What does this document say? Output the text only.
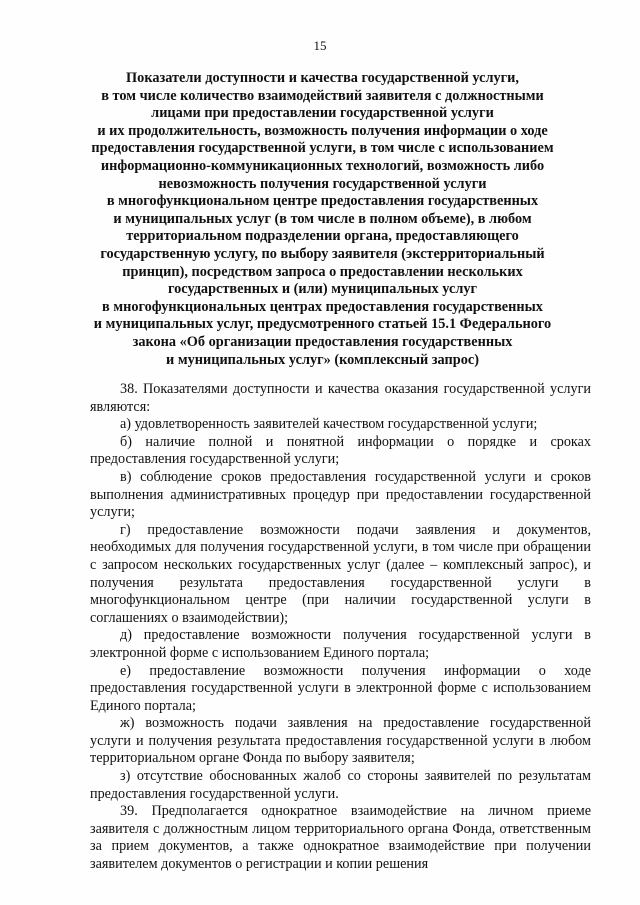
15
Показатели доступности и качества государственной услуги,
в том числе количество взаимодействий заявителя с должностными
лицами при предоставлении государственной услуги
и их продолжительность, возможность получения информации о ходе
предоставления государственной услуги, в том числе с использованием
информационно-коммуникационных технологий, возможность либо
невозможность получения государственной услуги
в многофункциональном центре предоставления государственных
и муниципальных услуг (в том числе в полном объеме), в любом
территориальном подразделении органа, предоставляющего
государственную услугу, по выбору заявителя (экстерриториальный
принцип), посредством запроса о предоставлении нескольких
государственных и (или) муниципальных услуг
в многофункциональных центрах предоставления государственных
и муниципальных услуг, предусмотренного статьей 15.1 Федерального
закона «Об организации предоставления государственных
и муниципальных услуг» (комплексный запрос)

38. Показателями доступности и качества оказания государственной услуги являются:

а) удовлетворенность заявителей качеством государственной услуги;

б) наличие полной и понятной информации о порядке и сроках предоставления государственной услуги;

в) соблюдение сроков предоставления государственной услуги и сроков выполнения административных процедур при предоставлении государственной услуги;

г) предоставление возможности подачи заявления и документов, необходимых для получения государственной услуги, в том числе при обращении с запросом нескольких государственных услуг (далее – комплексный запрос), и получения результата предоставления государственной услуги в многофункциональном центре (при наличии государственной услуги в соглашениях о взаимодействии);

д) предоставление возможности получения государственной услуги в электронной форме с использованием Единого портала;

е) предоставление возможности получения информации о ходе предоставления государственной услуги в электронной форме с использованием Единого портала;

ж) возможность подачи заявления на предоставление государственной услуги и получения результата предоставления государственной услуги в любом территориальном органе Фонда по выбору заявителя;

з) отсутствие обоснованных жалоб со стороны заявителей по результатам предоставления государственной услуги.

39. Предполагается однократное взаимодействие на личном приеме заявителя с должностным лицом территориального органа Фонда, ответственным за прием документов, а также однократное взаимодействие при получении заявителем документов о регистрации и копии решения
